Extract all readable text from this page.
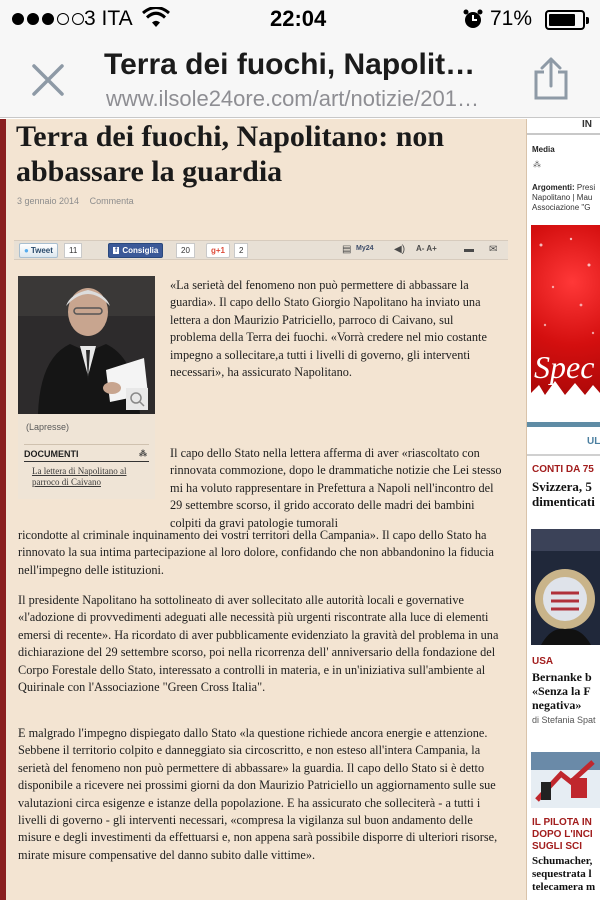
3 ITA	22:04	71%
Terra dei fuochi, Napolit…
www.ilsole24ore.com/art/notizie/201…
Terra dei fuochi, Napolitano: non abbassare la guardia
3 gennaio 2014 Commenta
● Tweet	11	f Consiglia	20	g+1	2	▤ My24 ◀) A- A+	▬ ✉
(Lapresse)
DOCUMENTI	⁂
La lettera di Napolitano al parroco di Caivano

«La serietà del fenomeno non può permettere di abbassare la guardia». Il capo dello Stato Giorgio Napolitano ha inviato una lettera a don Maurizio Patriciello, parroco di Caivano, sul problema della Terra dei fuochi. «Vorrà credere nel mio costante impegno a sollecitare,a tutti i livelli di governo, gli interventi necessari», ha assicurato Napolitano.

Il capo dello Stato nella lettera afferma di aver «riascoltato con rinnovata commozione, dopo le drammatiche notizie che Lei stesso mi ha voluto rappresentare in Prefettura a Napoli nell'incontro del 29 settembre scorso, il grido accorato delle madri dei bambini colpiti da gravi patologie tumorali

ricondotte al criminale inquinamento dei vostri territori della Campania». Il capo dello Stato ha rinnovato la sua intima partecipazione al loro dolore, confidando che non abbandonino la fiducia nell'impegno delle istituzioni.

Il presidente Napolitano ha sottolineato di aver sollecitato alle autorità locali e governative «l'adozione di provvedimenti adeguati alle necessità più urgenti riscontrate alla luce di elementi emersi di recente». Ha ricordato di aver pubblicamente evidenziato la gravità del problema in una dichiarazione del 29 settembre scorso, poi nella ricorrenza dell' anniversario della fondazione del Corpo Forestale dello Stato, interessato a controlli in materia, e in un'iniziativa sull'ambiente al Quirinale con l'Associazione "Green Cross Italia".

E malgrado l'impegno dispiegato dallo Stato «la questione richiede ancora energie e attenzione. Sebbene il territorio colpito e danneggiato sia circoscritto, e non esteso all'intera Campania, la serietà del fenomeno non può permettere di abbassare» la guardia. Il capo dello Stato si è detto disponibile a ricevere nei prossimi giorni da don Maurizio Patriciello un aggiornamento sulle sue valutazioni circa esigenze e istanze della popolazione. E ha assicurato che solleciterà - a tutti i livelli di governo - gli interventi necessari, «compresa la vigilanza sul buon andamento delle misure e degli investimenti da effettuarsi e, non appena sarà possibile disporre di ulteriori risorse, mirate misure compensative del danno subito dalle vittime».

IN
Media
⁂
Argomenti: Presi Napolitano | Mau Associazione "G
Spec
UL
CONTI DA 75
Svizzera, 5
dimenticati
USA
Bernanke b
«Senza la F
negativa»
di Stefania Spat
IL PILOTA IN
DOPO L'INCI
SUGLI SCI
Schumacher,
sequestrata l
telecamera m
